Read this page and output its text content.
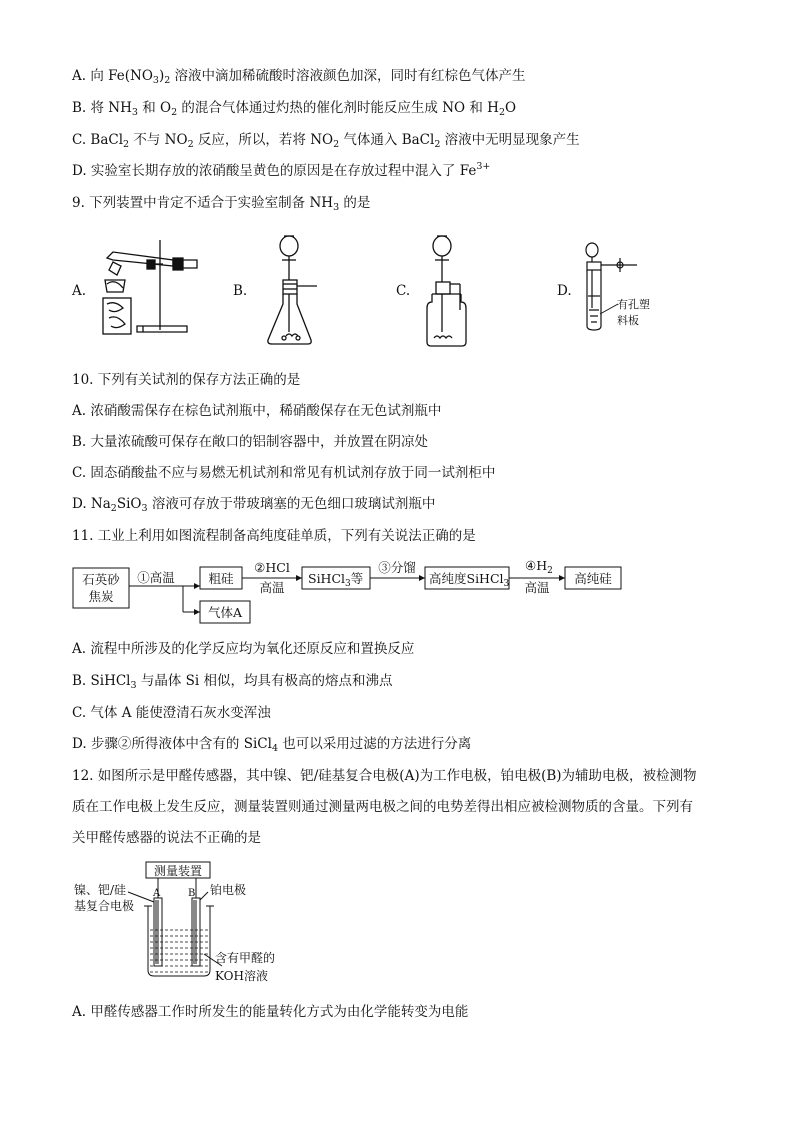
A. 向 $Fe(NO_3)_2$ 溶液中滴加稀硫酸时溶液颜色加深，同时有红棕色气体产生
B. 将 $NH_3$ 和 $O_2$ 的混合气体通过灼热的催化剂时能反应生成 NO 和 $H_2O$
C. BaCl$_2$ 不与 $NO_2$ 反应，所以，若将 $NO_2$ 气体通入 BaCl$_2$ 溶液中无明显现象产生
D. 实验室长期存放的浓硝酸呈黄色的原因是在存放过程中混入了 $Fe^{3+}$
9. 下列装置中肯定不适合于实验室制备 $NH_3$ 的是
A.	B.	C.	D.
有孔塑
料板
10. 下列有关试剂的保存方法正确的是
A. 浓硝酸需保存在棕色试剂瓶中，稀硝酸保存在无色试剂瓶中
B. 大量浓硫酸可保存在敞口的铝制容器中，并放置在阴凉处
C. 固态硝酸盐不应与易燃无机试剂和常见有机试剂存放于同一试剂柜中
D. $Na_2SiO_3$ 溶液可存放于带玻璃塞的无色细口玻璃试剂瓶中
11. 工业上利用如图流程制备高纯度硅单质，下列有关说法正确的是
石英砂
焦炭
①高温	粗硅
气体A
②HCl
高温
SiHCl$_3$等
③分馏
高纯度SiHCl$_3$
$④H_2$
高温
高纯硅
A. 流程中所涉及的化学反应均为氧化还原反应和置换反应
B. SiHCl$_3$ 与晶体 Si 相似，均具有极高的熔点和沸点
C. 气体 A 能使澄清石灰水变浑浊
D. 步骤②所得液体中含有的 SiCl$_4$ 也可以采用过滤的方法进行分离
12. 如图所示是甲醛传感器，其中镍、钯/硅基复合电极(A)为工作电极，铂电极(B)为辅助电极，被检测物
质在工作电极上发生反应，测量装置则通过测量两电极之间的电势差得出相应被检测物质的含量。下列有
关甲醛传感器的说法不正确的是
测量装置
镍、钯/硅
基复合电极
铂电极
A	B
含有甲醛的
KOH溶液
A. 甲醛传感器工作时所发生的能量转化方式为由化学能转变为电能
